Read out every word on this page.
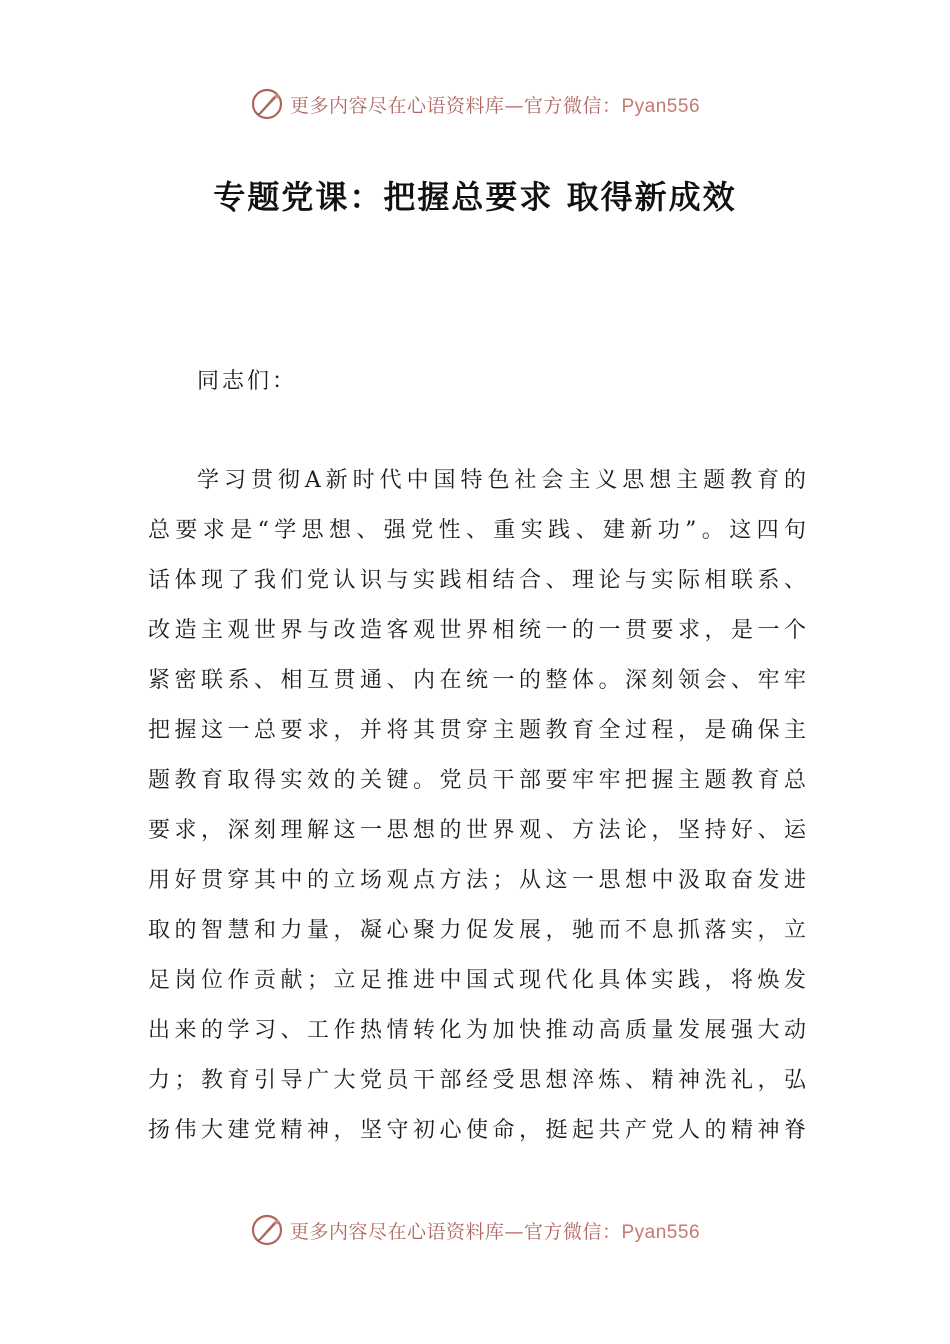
更多内容尽在心语资料库—官方微信：Pyan556
专题党课：把握总要求 取得新成效

同志们：

学习贯彻A新时代中国特色社会主义思想主题教育的
总要求是“学思想、强党性、重实践、建新功”。这四句
话体现了我们党认识与实践相结合、理论与实际相联系、
改造主观世界与改造客观世界相统一的一贯要求，是一个
紧密联系、相互贯通、内在统一的整体。深刻领会、牢牢
把握这一总要求，并将其贯穿主题教育全过程，是确保主
题教育取得实效的关键。党员干部要牢牢把握主题教育总
要求，深刻理解这一思想的世界观、方法论，坚持好、运
用好贯穿其中的立场观点方法；从这一思想中汲取奋发进
取的智慧和力量，凝心聚力促发展，驰而不息抓落实，立
足岗位作贡献；立足推进中国式现代化具体实践，将焕发
出来的学习、工作热情转化为加快推动高质量发展强大动
力；教育引导广大党员干部经受思想淬炼、精神洗礼，弘
扬伟大建党精神，坚守初心使命，挺起共产党人的精神脊
更多内容尽在心语资料库—官方微信：Pyan556
